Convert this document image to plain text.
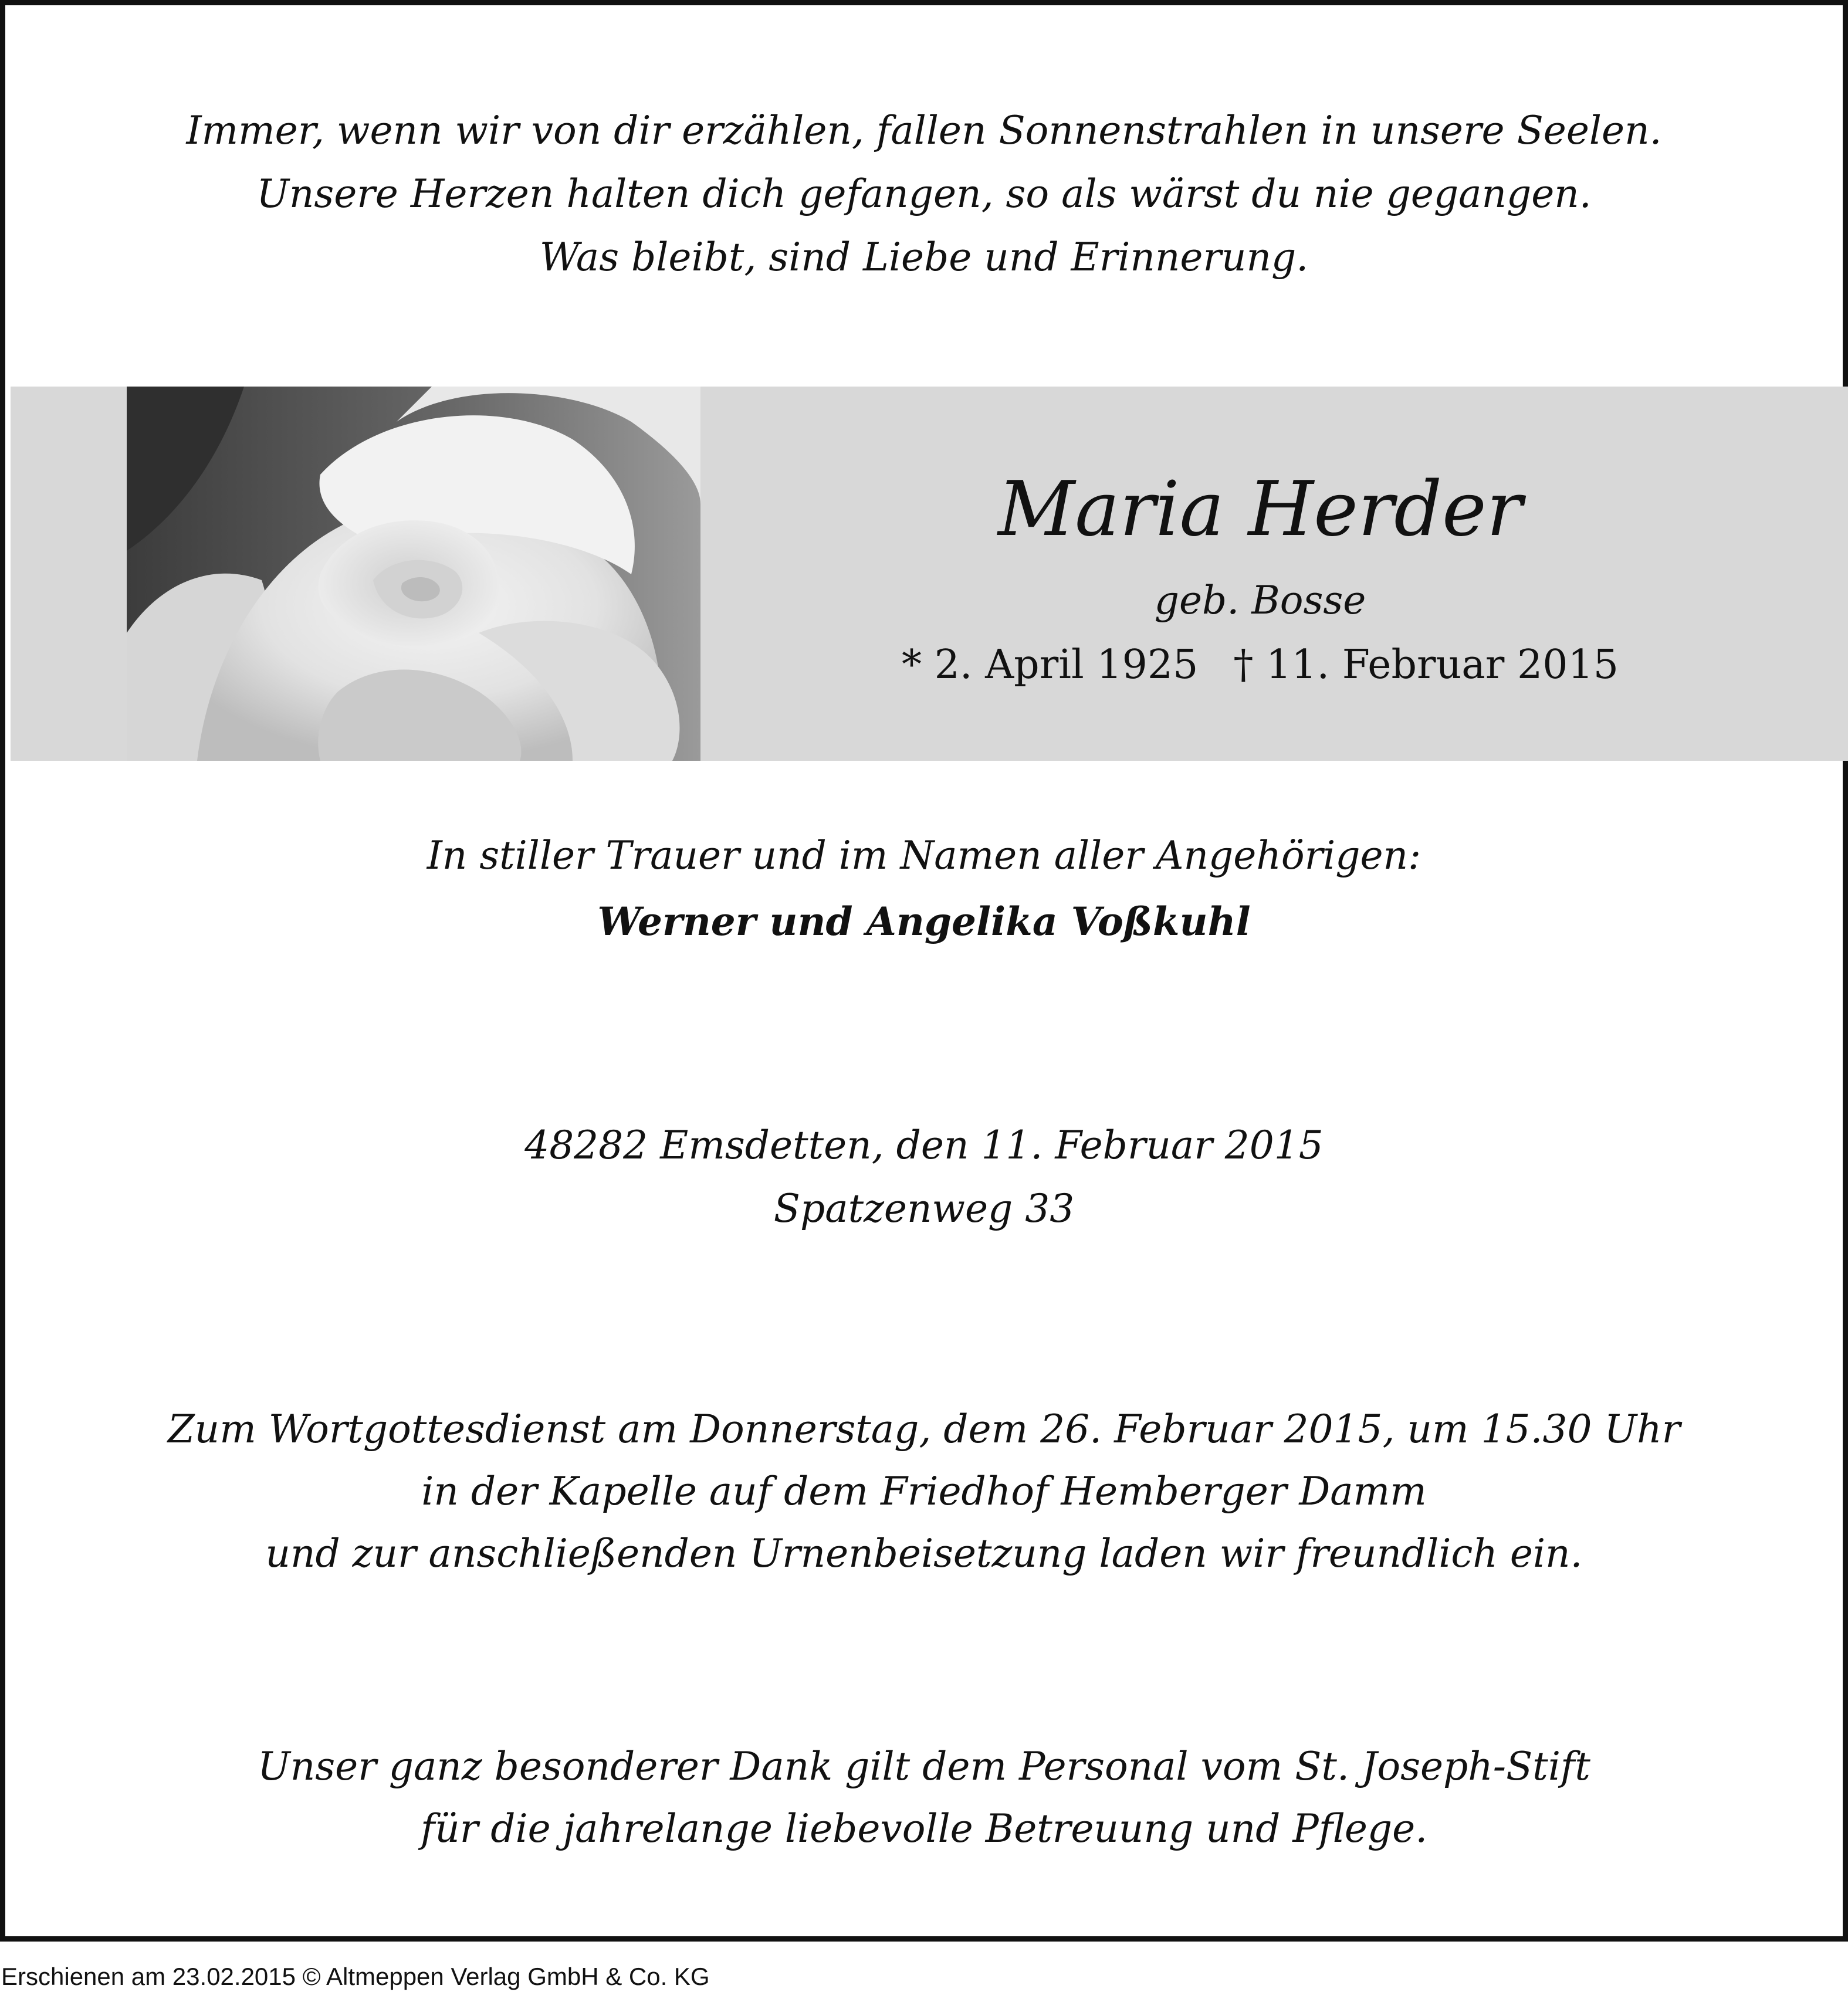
Immer, wenn wir von dir erzählen, fallen Sonnenstrahlen in unsere Seelen.
Unsere Herzen halten dich gefangen, so als wärst du nie gegangen.
Was bleibt, sind Liebe und Erinnerung.
Maria Herder
geb. Bosse
* 2. April 1925 † 11. Februar 2015
In stiller Trauer und im Namen aller Angehörigen:
Werner und Angelika Voßkuhl
48282 Emsdetten, den 11. Februar 2015
Spatzenweg 33
Zum Wortgottesdienst am Donnerstag, dem 26. Februar 2015, um 15.30 Uhr
in der Kapelle auf dem Friedhof Hemberger Damm
und zur anschließenden Urnenbeisetzung laden wir freundlich ein.
Unser ganz besonderer Dank gilt dem Personal vom St. Joseph-Stift
für die jahrelange liebevolle Betreuung und Pflege.
Erschienen am 23.02.2015 © Altmeppen Verlag GmbH & Co. KG
